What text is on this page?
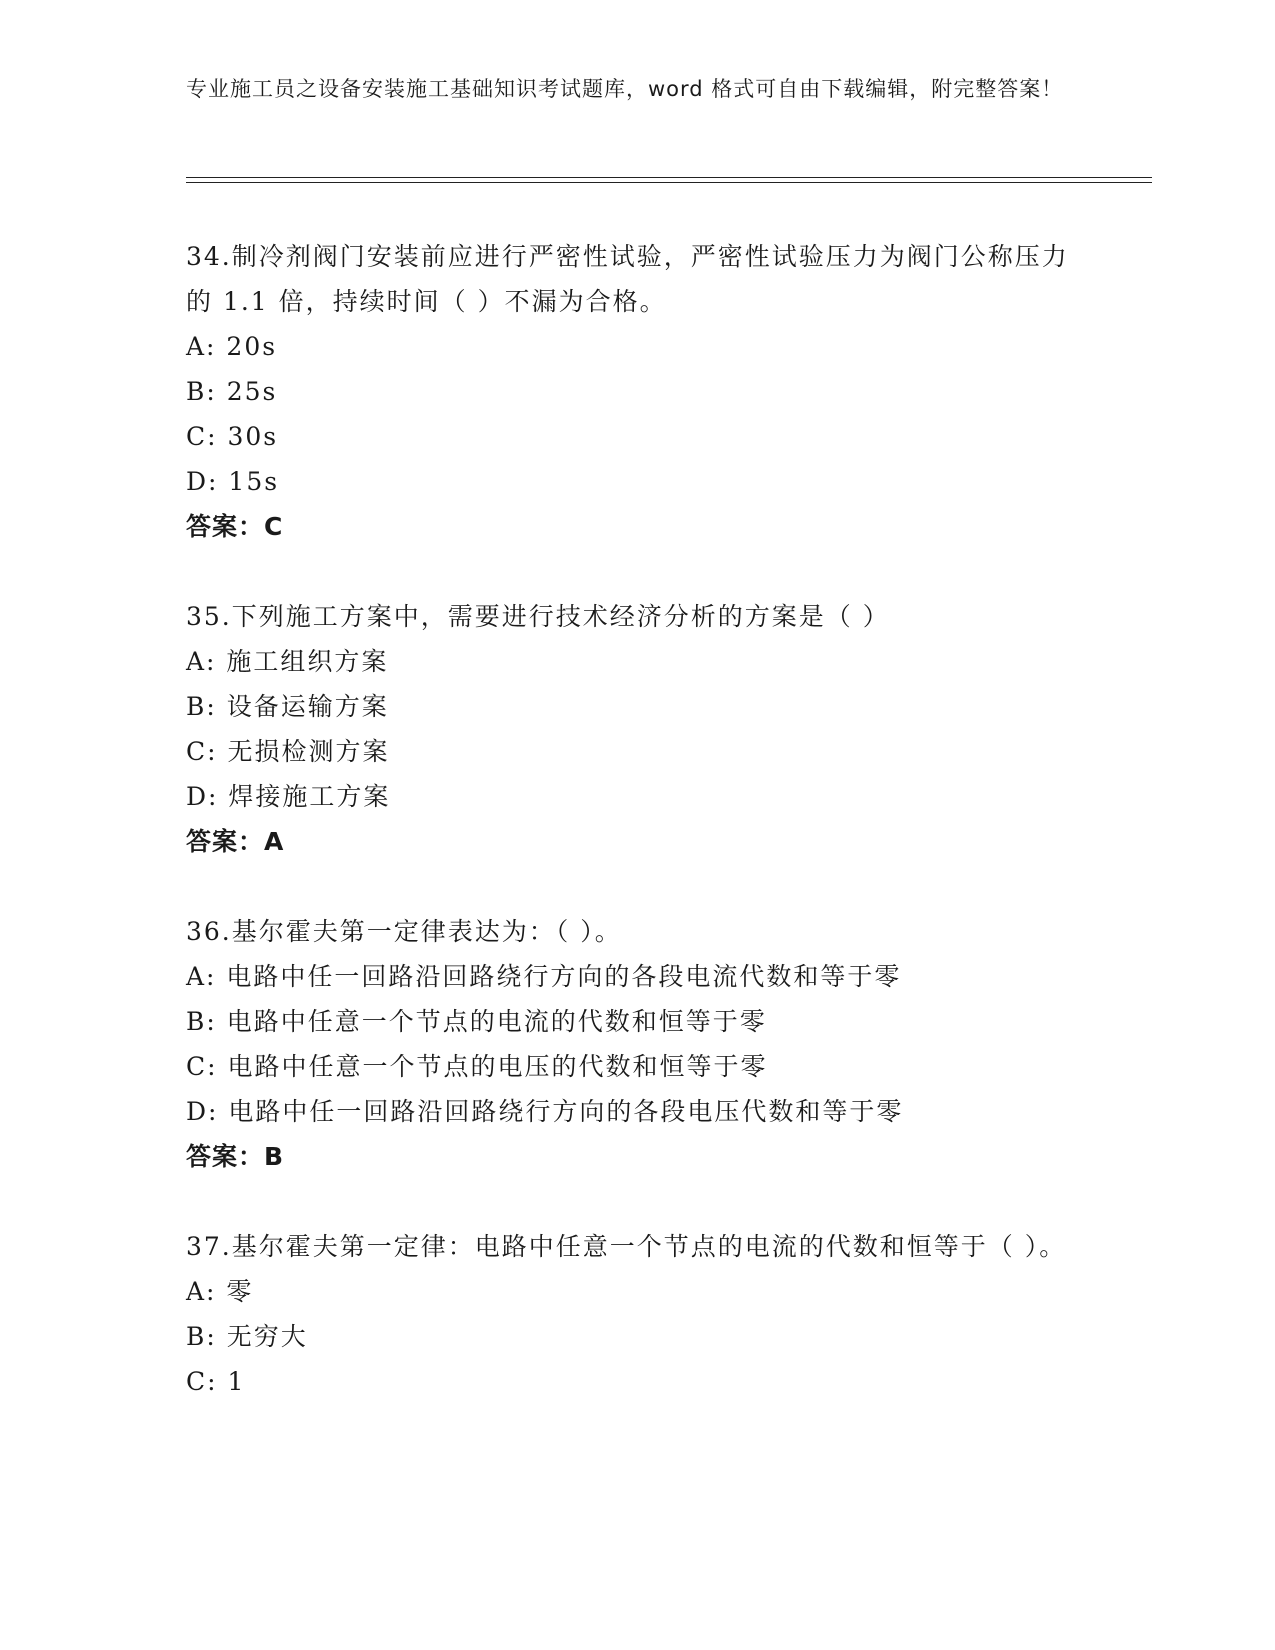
专业施工员之设备安装施工基础知识考试题库，word 格式可自由下载编辑，附完整答案！
34.制冷剂阀门安装前应进行严密性试验，严密性试验压力为阀门公称压力的 1.1 倍，持续时间（ ）不漏为合格。
A: 20s
B: 25s
C: 30s
D: 15s
答案：C
35.下列施工方案中，需要进行技术经济分析的方案是（ ）
A: 施工组织方案
B: 设备运输方案
C: 无损检测方案
D: 焊接施工方案
答案：A
36.基尔霍夫第一定律表达为：（ ）。
A: 电路中任一回路沿回路绕行方向的各段电流代数和等于零
B: 电路中任意一个节点的电流的代数和恒等于零
C: 电路中任意一个节点的电压的代数和恒等于零
D: 电路中任一回路沿回路绕行方向的各段电压代数和等于零
答案：B
37.基尔霍夫第一定律：电路中任意一个节点的电流的代数和恒等于（ ）。
A: 零
B: 无穷大
C: 1
